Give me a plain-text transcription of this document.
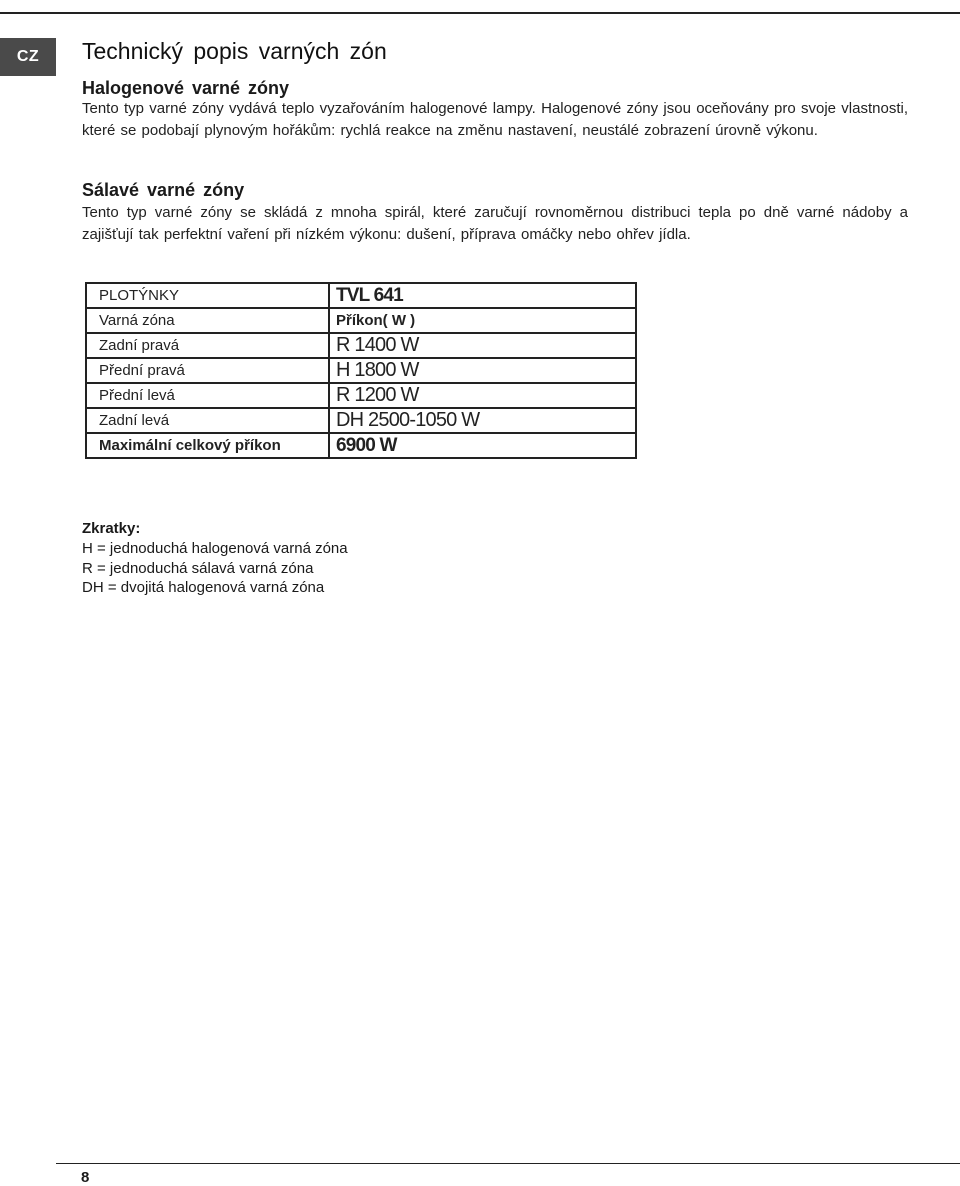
CZ	Technický popis varných zón
Halogenové varné zóny

Tento typ varné zóny vydává teplo vyzařováním halogenové lampy. Halogenové zóny jsou oceňovány pro svoje vlastnosti, které se podobají plynovým hořákům: rychlá reakce na změnu nastavení, neustálé zobrazení úrovně výkonu.

Sálavé varné zóny

Tento typ varné zóny se skládá z mnoha spirál, které zaručují rovnoměrnou distribuci tepla po dně varné nádoby a zajišťují tak perfektní vaření při nízkém výkonu: dušení, příprava omáčky nebo ohřev jídla.

PLOTÝNKY	TVL 641
Varná zóna	Příkon( W )
Zadní pravá	R 1400 W
Přední pravá	H 1800 W
Přední levá	R 1200 W
Zadní levá	DH 2500-1050 W
Maximální celkový příkon	6900 W
Zkratky:
H = jednoduchá halogenová varná zóna
R = jednoduchá sálavá varná zóna
DH = dvojitá halogenová varná zóna
8
